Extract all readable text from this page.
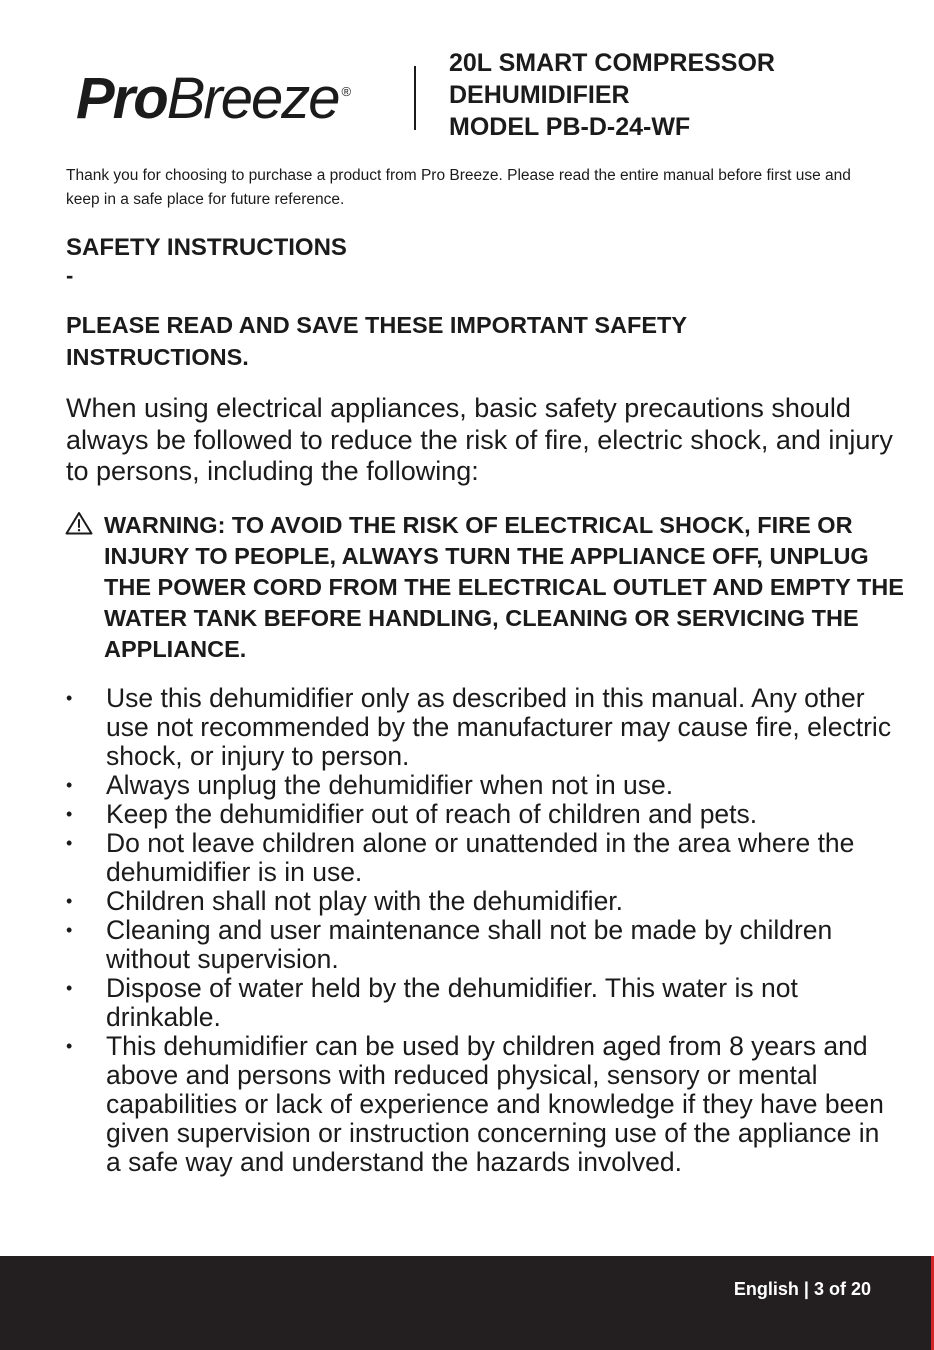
Pro Breeze ®
20L SMART COMPRESSOR
DEHUMIDIFIER
MODEL PB-D-24-WF
Thank you for choosing to purchase a product from Pro Breeze. Please read the entire manual before first use and keep in a safe place for future reference.
SAFETY INSTRUCTIONS
-
PLEASE READ AND SAVE THESE IMPORTANT SAFETY INSTRUCTIONS.
When using electrical appliances, basic safety precautions should always be followed to reduce the risk of fire, electric shock, and injury to persons, including the following:
WARNING: TO AVOID THE RISK OF ELECTRICAL SHOCK, FIRE OR INJURY TO PEOPLE, ALWAYS TURN THE APPLIANCE OFF, UNPLUG THE POWER CORD FROM THE ELECTRICAL OUTLET AND EMPTY THE WATER TANK BEFORE HANDLING, CLEANING OR SERVICING THE APPLIANCE.
• Use this dehumidifier only as described in this manual. Any other use not recommended by the manufacturer may cause fire, electric shock, or injury to person.
• Always unplug the dehumidifier when not in use.
• Keep the dehumidifier out of reach of children and pets.
• Do not leave children alone or unattended in the area where the dehumidifier is in use.
• Children shall not play with the dehumidifier.
• Cleaning and user maintenance shall not be made by children without supervision.
• Dispose of water held by the dehumidifier. This water is not drinkable.
• This dehumidifier can be used by children aged from 8 years and above and persons with reduced physical, sensory or mental capabilities or lack of experience and knowledge if they have been given supervision or instruction concerning use of the appliance in a safe way and understand the hazards involved.
English | 3 of 20
